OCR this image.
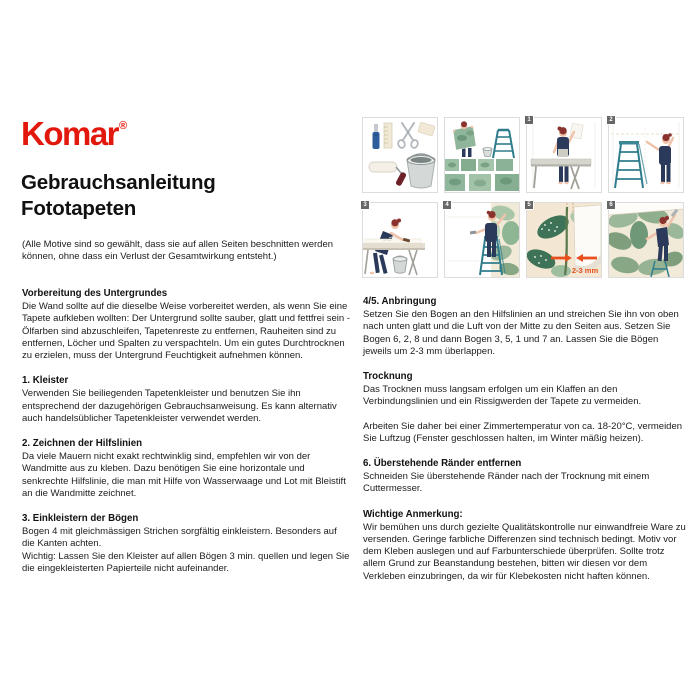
Komar®
Gebrauchsanleitung
Fototapeten
(Alle Motive sind so gewählt, dass sie auf allen Seiten beschnitten werden können, ohne dass ein Verlust der Gesamtwirkung entsteht.)
1	2
3	4	5
2-3 mm
6
Vorbereitung des Untergrundes

Die Wand sollte auf die dieselbe Weise vorbereitet werden, als wenn Sie eine Tapete aufkleben wollten: Der Untergrund sollte sauber, glatt und fettfrei sein - Ölfarben sind abzuschleifen, Tapetenreste zu entfernen, Rauheiten sind zu entfernen, Löcher und Spalten zu verspachteln. Um ein gutes Durchtrocknen zu erzielen, muss der Untergrund Feuchtigkeit aufnehmen können.

1. Kleister

Verwenden Sie beiliegenden Tapetenkleister und benutzen Sie ihn entsprechend der dazugehörigen Gebrauchsanweisung. Es kann alternativ auch handelsüblicher Tapetenkleister verwendet werden.

2. Zeichnen der Hilfslinien

Da viele Mauern nicht exakt rechtwinklig sind, empfehlen wir von der Wandmitte aus zu kleben. Dazu benötigen Sie eine horizontale und senkrechte Hilfslinie, die man mit Hilfe von Wasserwaage und Lot mit Bleistift an die Wandmitte zeichnet.

3. Einkleistern der Bögen

Bogen 4 mit gleichmässigen Strichen sorgfältig einkleistern. Besonders auf die Kanten achten.

Wichtig: Lassen Sie den Kleister auf allen Bögen 3 min. quellen und legen Sie die eingekleisterten Papierteile nicht aufeinander.

4/5. Anbringung

Setzen Sie den Bogen an den Hilfslinien an und streichen Sie ihn von oben nach unten glatt und die Luft von der Mitte zu den Seiten aus. Setzen Sie Bogen 6, 2, 8 und dann Bogen 3, 5, 1 und 7 an. Lassen Sie die Bögen jeweils um 2-3 mm überlappen.

Trocknung

Das Trocknen muss langsam erfolgen um ein Klaffen an den Verbindungslinien und ein Rissigwerden der Tapete zu vermeiden.

Arbeiten Sie daher bei einer Zimmertemperatur von ca. 18-20°C, vermeiden Sie Luftzug (Fenster geschlossen halten, im Winter mäßig heizen).

6. Überstehende Ränder entfernen

Schneiden Sie überstehende Ränder nach der Trocknung mit einem Cuttermesser.

Wichtige Anmerkung:

Wir bemühen uns durch gezielte Qualitätskontrolle nur einwandfreie Ware zu versenden. Geringe farbliche Differenzen sind technisch bedingt. Motiv vor dem Kleben auslegen und auf Farbunterschiede überprüfen. Sollte trotz allem Grund zur Beanstandung bestehen, bitten wir diesen vor dem Verkleben einzubringen, da wir für Klebekosten nicht haften können.
